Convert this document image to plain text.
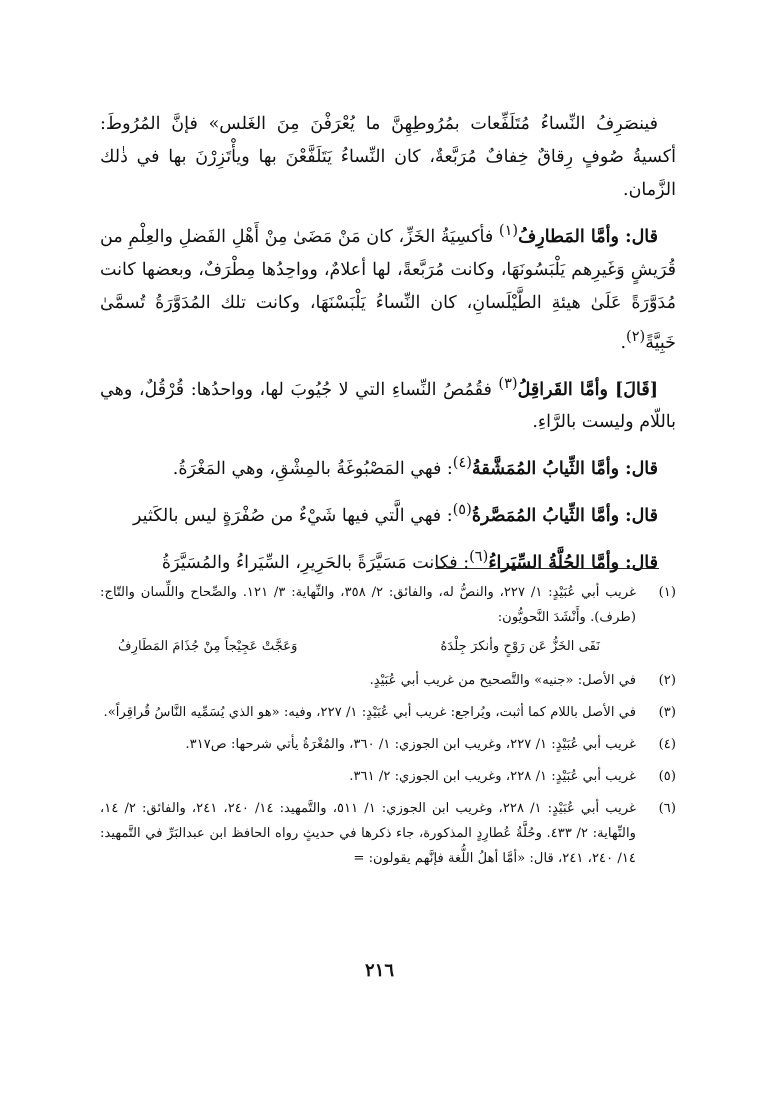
فينصَرِفُ النِّساءُ مُتَلَفِّعات بمُرُوطِهِنَّ ما يُعْرَفْنَ مِنَ الغَلس» فإنَّ المُرُوطَ: أكسيةُ صُوفٍ رِقاقٌ خِفافٌ مُرَبَّعةٌ، كان النِّساءُ يَتَلَفَّعْنَ بها ويأْتَزِرْنَ بها في ذٰلك الزَّمان.

قال: وأمَّا المَطارِفُ$^{(١)}$ فأكسِيَةُ الخَزِّ، كان مَنْ مَضَىٰ مِنْ أَهْلِ الفَضلِ والعِلْمِ من قُرَيشٍ وَغَيرِهم يَلْبَسُونَهَا، وكانت مُرَبَّعةً، لها أعلامٌ، وواحِدُها مِطْرَفٌ، وبعضها كانت مُدَوَّرَةً عَلَىٰ هيئةِ الطَّيْلَسانِ، كان النِّساءُ يَلْبَسْنَهَا، وكانت تلك المُدَوَّرَةُ تُسمَّىٰ خَبِيَّةً$^{(٢)}$.

[قَالَ] وأمَّا القَراقِلُ$^{(٣)}$ فقُمُصُ النِّساءِ التي لا جُيُوبَ لها، وواحدُها: قُرْقُلٌ، وهي باللّام وليست بالرَّاءِ.

قال: وأمَّا الثِّيابُ المُمَشَّقةُ$^{(٤)}$: فهي المَصْبُوغَةُ بالمِشْقِ، وهي المَغْرَةُ.

قال: وأمَّا الثِّيابُ المُمَصَّرةُ$^{(٥)}$: فهي الَّتي فيها شَيْءٌ من صُفْرَةٍ ليس بالكَثير

قال: وأمَّا الحُلَّةُ السِّيَراءُ$^{(٦)}$: فكانت مَسَيَّرَةً بالحَرِيرِ، السِّيَراءُ والمُسَيَّرَةُ

(١)
غريب أبي عُبَيْدٍ: ١/ ٢٢٧، والنصُّ له، والفائق: ٢/ ٣٥٨، والنِّهاية: ٣/ ١٢١. والصِّحاح واللِّسان والتّاج: (طرف). وأَنْشَدَ النَّحويُّون:
نَفَى الخَزُّ عَن رَوْحٍ وأنكرَ جِلْدَهُ
وَعَجَّتْ عَجِيْجاً مِنْ جُذَامَ المَطَارِفُ
(٢)
في الأصل: «جنيه» والتَّصحيح من غريب أبي عُبَيْدٍ.
(٣)
في الأصل باللام كما أثبت، ويُراجع: غريب أبي عُبَيْدٍ: ١/ ٢٢٧، وفيه: «هو الذي يُسَمِّيه النَّاسُ قُراقِراً».
(٤)
غريب أبي عُبَيْدٍ: ١/ ٢٢٧، وغريب ابن الجوزي: ١/ ٣٦٠، والمُغْرَةُ يأتي شرحها: ص٣١٧.
(٥)
غريب أبي عُبَيْدٍ: ١/ ٢٢٨، وغريب ابن الجوزي: ٢/ ٣٦١.
(٦)
غريب أبي عُبَيْدٍ: ١/ ٢٢٨، وغريب ابن الجوزي: ١/ ٥١١، والتَّمهيد: ١٤/ ٢٤٠، ٢٤١، والفائق: ٢/ ١٤، والنِّهاية: ٢/ ٤٣٣. وحُلَّةُ عُطارِدٍ المذكورة، جاء ذكرها في حديثٍ رواه الحافظ ابن عبدالبَرِّ في التَّمهيد: ١٤/ ٢٤٠، ٢٤١، قال: «أمَّا أهلُ اللُّغة فإنَّهم يقولون: =
٢١٦
